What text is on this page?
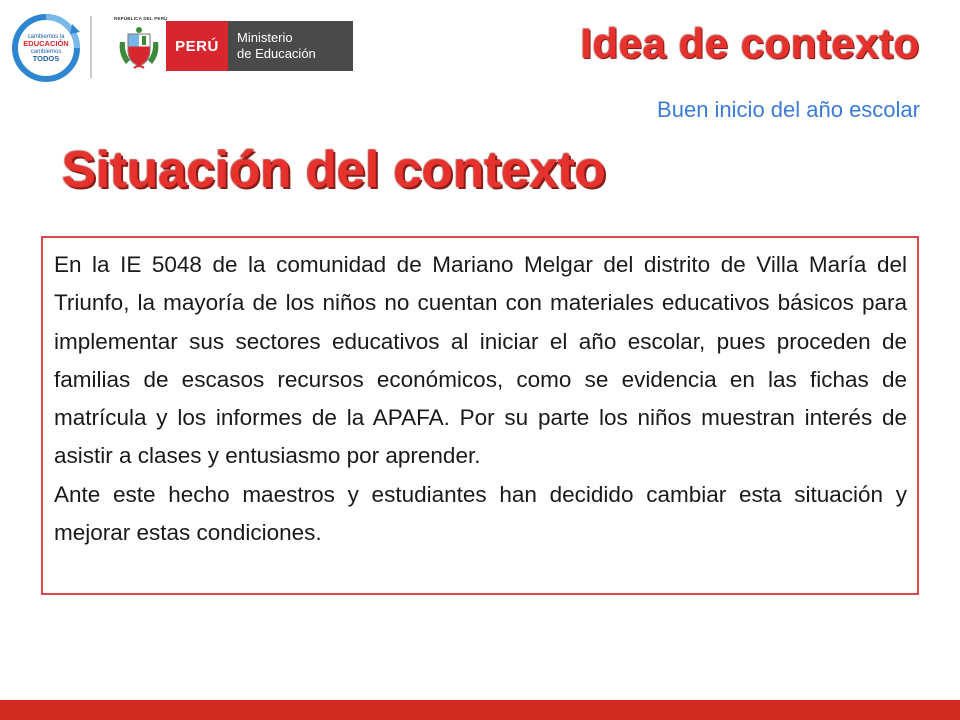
cambiemos la
EDUCACIÓN
cambiemos
TODOS
REPÚBLICA DEL PERÚ
PERÚ	Ministerio
de Educación	Idea de contexto
Buen inicio del año escolar
Situación del contexto

En la IE 5048 de la comunidad de Mariano Melgar del distrito de Villa María del Triunfo, la mayoría de los niños no cuentan con materiales educativos básicos para implementar sus sectores educativos al iniciar el año escolar, pues proceden de familias de escasos recursos económicos, como se evidencia en las fichas de matrícula y los informes de la APAFA. Por su parte los niños muestran interés de asistir a clases y entusiasmo por aprender.

Ante este hecho maestros y estudiantes han decidido cambiar esta situación y mejorar estas condiciones.
